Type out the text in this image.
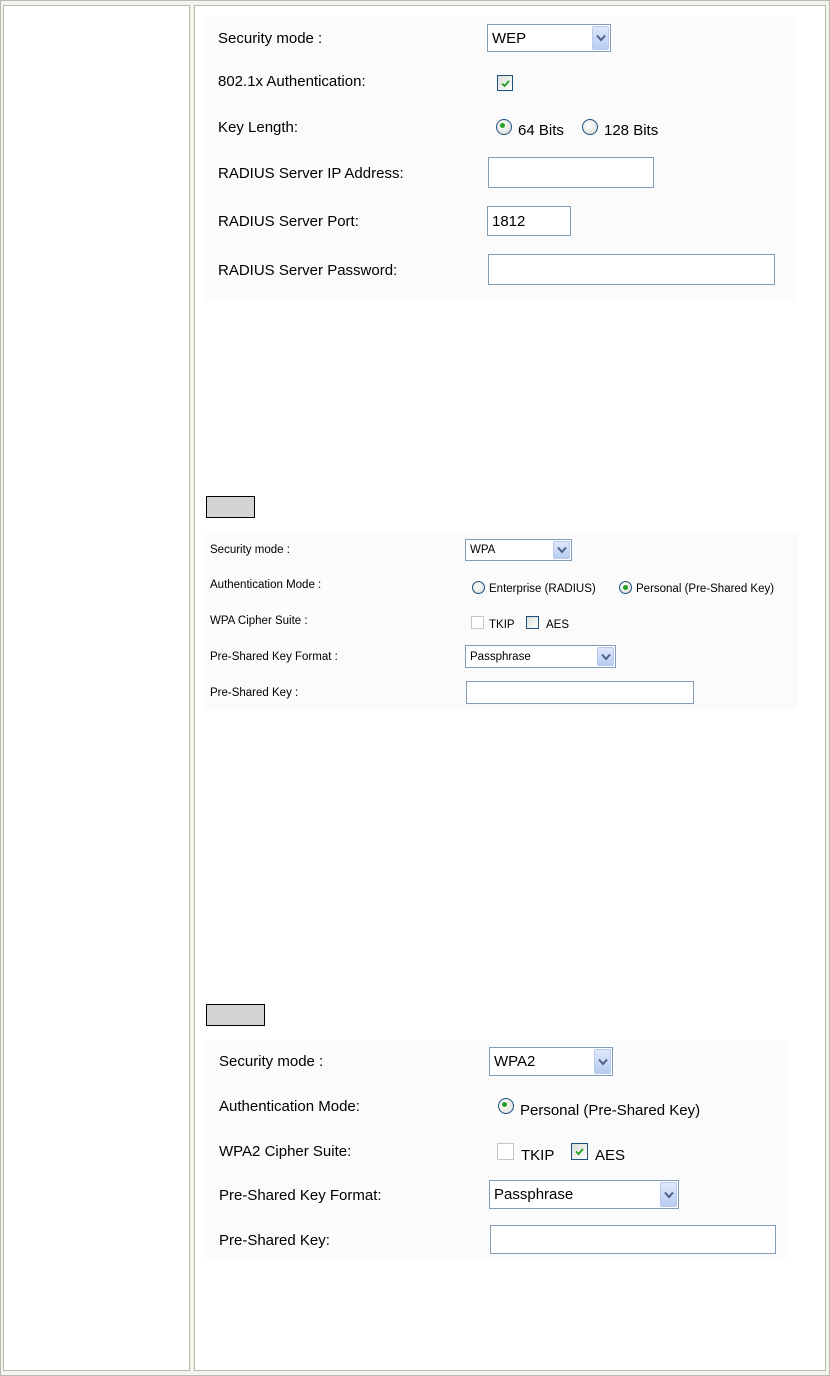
Security mode :	WEP
802.1x Authentication:
Key Length:	64 Bits	128 Bits
RADIUS Server IP Address:
RADIUS Server Port:	1812
RADIUS Server Password:
Security mode :	WPA
Authentication Mode :	Enterprise (RADIUS)	Personal (Pre-Shared Key)
WPA Cipher Suite :	TKIP	AES
Pre-Shared Key Format :	Passphrase
Pre-Shared Key :
Security mode :	WPA2
Authentication Mode:	Personal (Pre-Shared Key)
WPA2 Cipher Suite:	TKIP	AES
Pre-Shared Key Format:	Passphrase
Pre-Shared Key:
